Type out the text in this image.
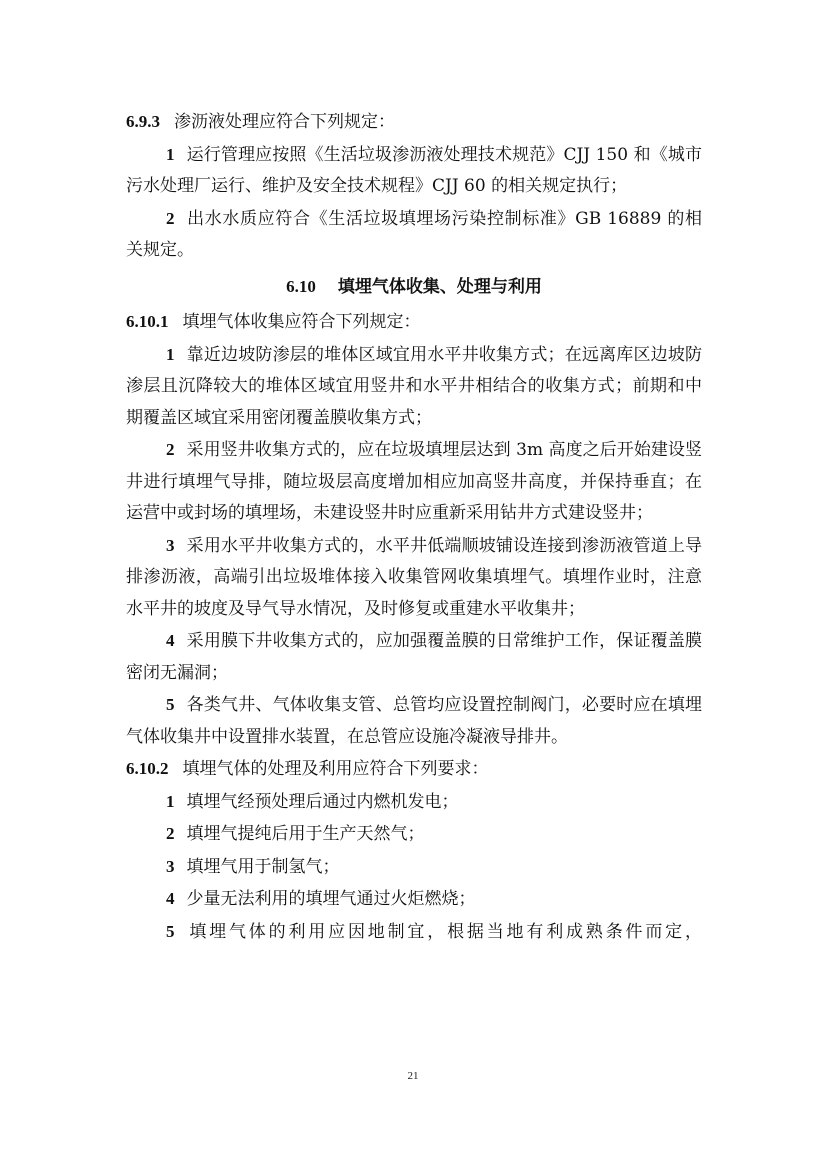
6.9.3 渗沥液处理应符合下列规定：

1 运行管理应按照《生活垃圾渗沥液处理技术规范》CJJ 150 和《城市污水处理厂运行、维护及安全技术规程》CJJ 60 的相关规定执行；

2 出水水质应符合《生活垃圾填埋场污染控制标准》GB 16889 的相关规定。

6.10 填埋气体收集、处理与利用

6.10.1 填埋气体收集应符合下列规定：

1 靠近边坡防渗层的堆体区域宜用水平井收集方式；在远离库区边坡防渗层且沉降较大的堆体区域宜用竖井和水平井相结合的收集方式；前期和中期覆盖区域宜采用密闭覆盖膜收集方式；

2 采用竖井收集方式的，应在垃圾填埋层达到 3m 高度之后开始建设竖井进行填埋气导排，随垃圾层高度增加相应加高竖井高度，并保持垂直；在运营中或封场的填埋场，未建设竖井时应重新采用钻井方式建设竖井；

3 采用水平井收集方式的，水平井低端顺坡铺设连接到渗沥液管道上导排渗沥液，高端引出垃圾堆体接入收集管网收集填埋气。填埋作业时，注意水平井的坡度及导气导水情况，及时修复或重建水平收集井；

4 采用膜下井收集方式的，应加强覆盖膜的日常维护工作，保证覆盖膜密闭无漏洞；

5 各类气井、气体收集支管、总管均应设置控制阀门，必要时应在填埋气体收集井中设置排水装置，在总管应设施冷凝液导排井。

6.10.2 填埋气体的处理及利用应符合下列要求：

1 填埋气经预处理后通过内燃机发电；

2 填埋气提纯后用于生产天然气；

3 填埋气用于制氢气；

4 少量无法利用的填埋气通过火炬燃烧；

5 填埋气体的利用应因地制宜，根据当地有利成熟条件而定，

21
